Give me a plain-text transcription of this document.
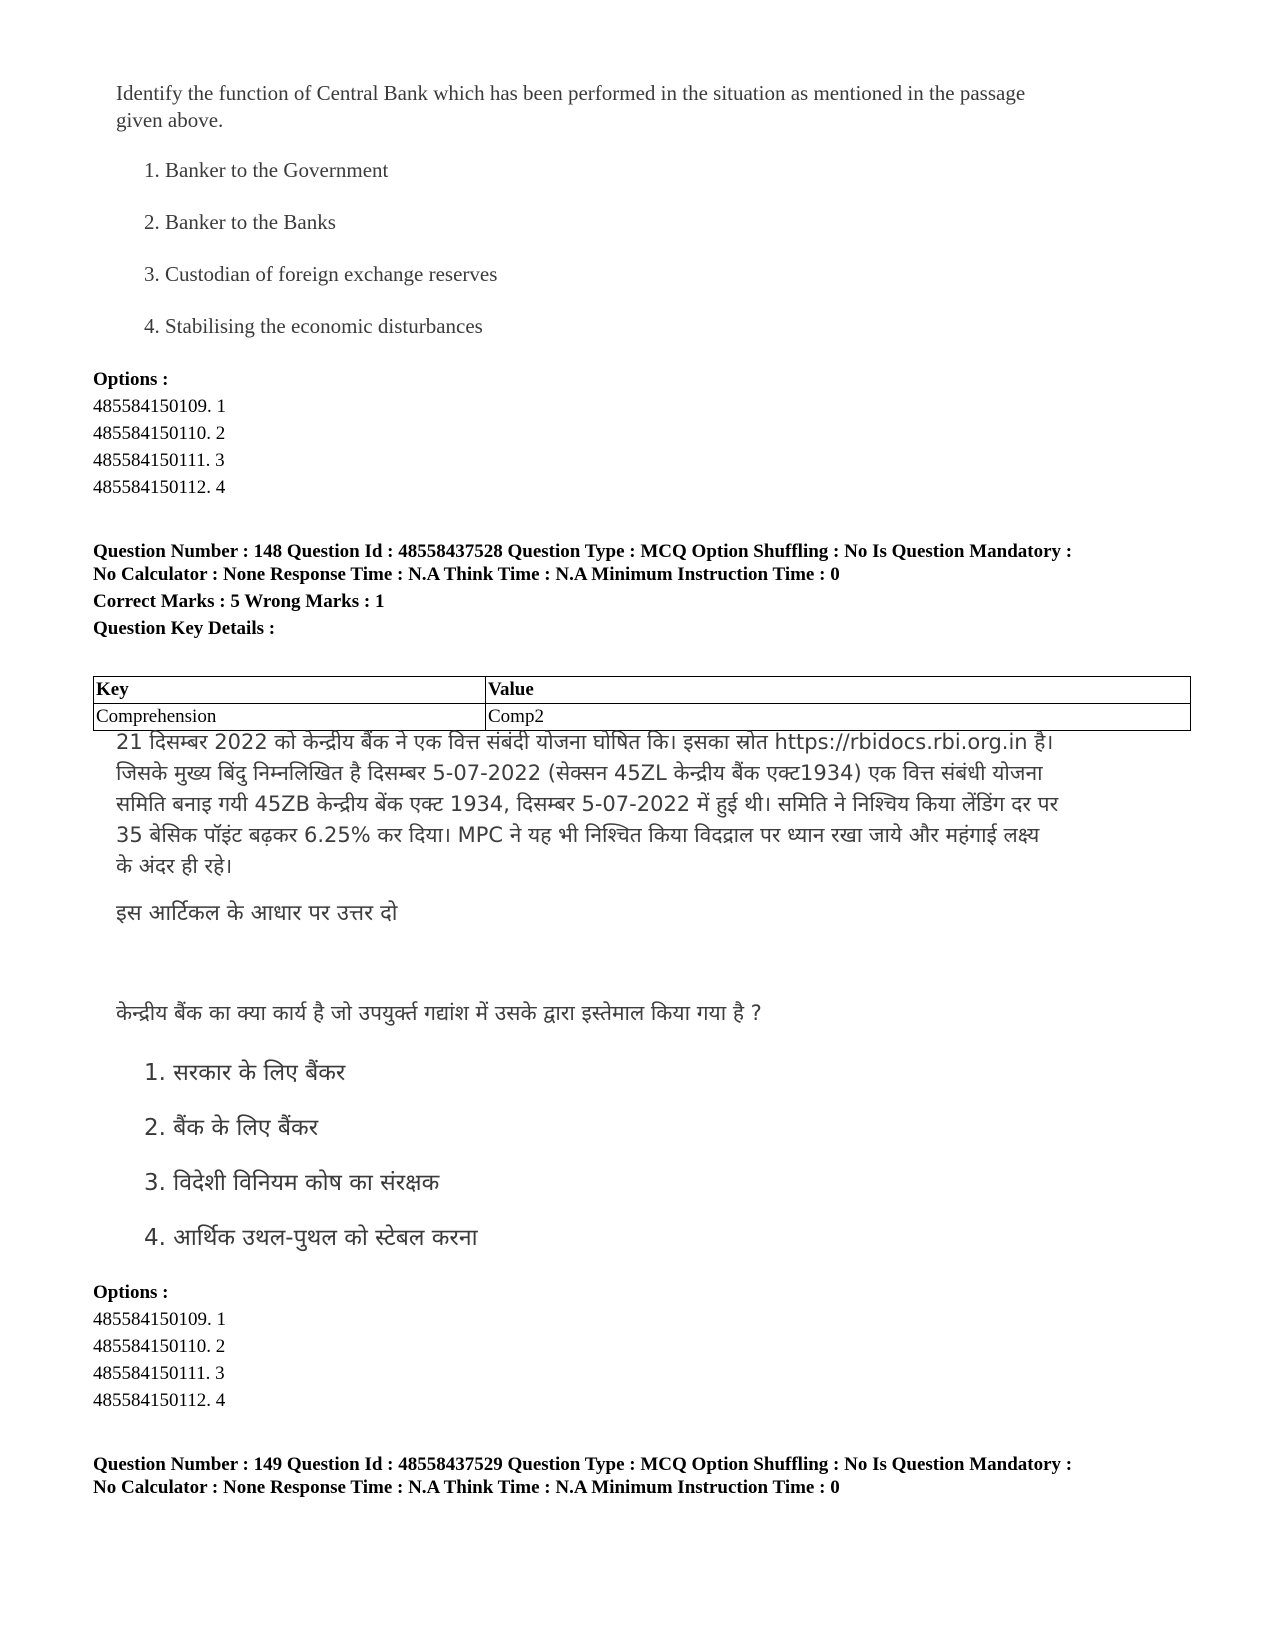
Identify the function of Central Bank which has been performed in the situation as mentioned in the passage
given above.
1. Banker to the Government
2. Banker to the Banks
3. Custodian of foreign exchange reserves
4. Stabilising the economic disturbances
Options :
485584150109. 1
485584150110. 2
485584150111. 3
485584150112. 4
Question Number : 148 Question Id : 48558437528 Question Type : MCQ Option Shuffling : No Is Question Mandatory :
No Calculator : None Response Time : N.A Think Time : N.A Minimum Instruction Time : 0
Correct Marks : 5 Wrong Marks : 1
Question Key Details :
Key	Value
Comprehension	Comp2
21 दिसम्बर 2022 को केन्द्रीय बैंक ने एक वित्त संबंदी योजना घोषित कि। इसका स्रोत https://rbidocs.rbi.org.in है।
जिसके मुख्य बिंदु निम्नलिखित है दिसम्बर 5-07-2022 (सेक्सन 45ZL केन्द्रीय बैंक एक्ट1934) एक वित्त संबंधी योजना
समिति बनाइ गयी 45ZB केन्द्रीय बेंक एक्ट 1934, दिसम्बर 5-07-2022 में हुई थी। समिति ने निश्चिय किया लेंडिंग दर पर
35 बेसिक पॉइंट बढ़कर 6.25% कर दिया। MPC ने यह भी निश्चित किया विदद्राल पर ध्यान रखा जाये और महंगाई लक्ष्य
के अंदर ही रहे।
इस आर्टिकल के आधार पर उत्तर दो
केन्द्रीय बैंक का क्या कार्य है जो उपयुर्क्त गद्यांश में उसके द्वारा इस्तेमाल किया गया है ?
1. सरकार के लिए बैंकर
2. बैंक के लिए बैंकर
3. विदेशी विनियम कोष का संरक्षक
4. आर्थिक उथल-पुथल को स्टेबल करना
Options :
485584150109. 1
485584150110. 2
485584150111. 3
485584150112. 4
Question Number : 149 Question Id : 48558437529 Question Type : MCQ Option Shuffling : No Is Question Mandatory :
No Calculator : None Response Time : N.A Think Time : N.A Minimum Instruction Time : 0
